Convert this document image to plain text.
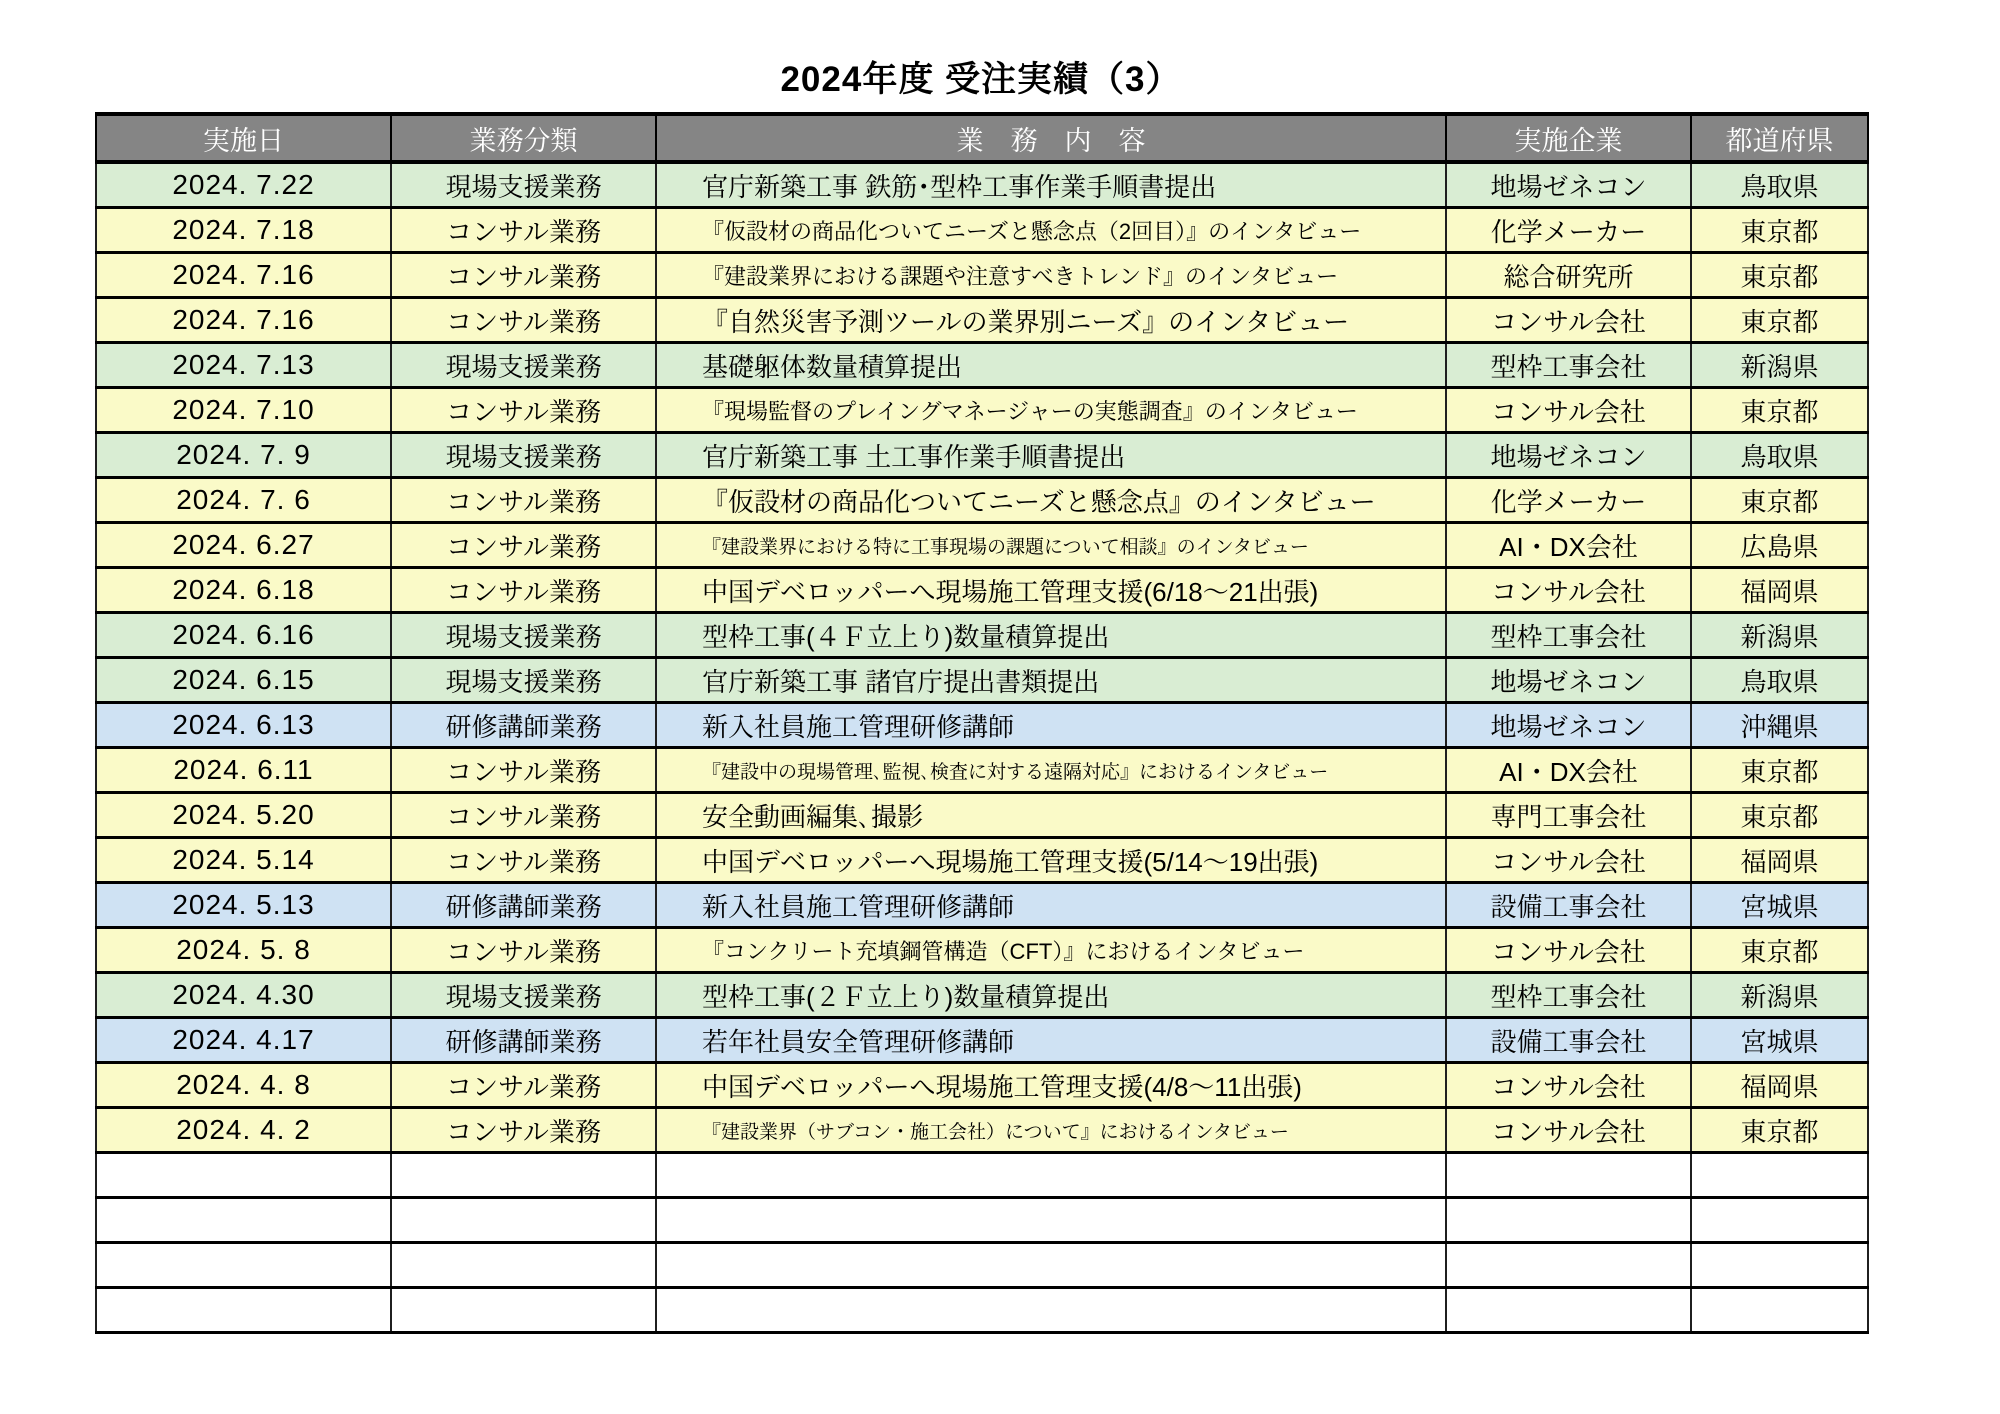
2024年度 受注実績（3）
実施日	業務分類	業　務　内　容	実施企業	都道府県
2024. 7.22	現場支援業務	官庁新築工事 鉄筋･型枠工事作業手順書提出	地場ゼネコン	鳥取県
2024. 7.18	コンサル業務	『仮設材の商品化ついてニーズと懸念点（2回目）』のインタビュー	化学メーカー	東京都
2024. 7.16	コンサル業務	『建設業界における課題や注意すべきトレンド』のインタビュー	総合研究所	東京都
2024. 7.16	コンサル業務	『自然災害予測ツールの業界別ニーズ』のインタビュー	コンサル会社	東京都
2024. 7.13	現場支援業務	基礎躯体数量積算提出	型枠工事会社	新潟県
2024. 7.10	コンサル業務	『現場監督のプレイングマネージャーの実態調査』のインタビュー	コンサル会社	東京都
2024. 7. 9	現場支援業務	官庁新築工事 土工事作業手順書提出	地場ゼネコン	鳥取県
2024. 7. 6	コンサル業務	『仮設材の商品化ついてニーズと懸念点』のインタビュー	化学メーカー	東京都
2024. 6.27	コンサル業務	『建設業界における特に工事現場の課題について相談』のインタビュー	AI・DX会社	広島県
2024. 6.18	コンサル業務	中国デベロッパーへ現場施工管理支援(6/18～21出張)	コンサル会社	福岡県
2024. 6.16	現場支援業務	型枠工事(４Ｆ立上り)数量積算提出	型枠工事会社	新潟県
2024. 6.15	現場支援業務	官庁新築工事 諸官庁提出書類提出	地場ゼネコン	鳥取県
2024. 6.13	研修講師業務	新入社員施工管理研修講師	地場ゼネコン	沖縄県
2024. 6.11	コンサル業務	『建設中の現場管理､監視､検査に対する遠隔対応』におけるインタビュー	AI・DX会社	東京都
2024. 5.20	コンサル業務	安全動画編集､撮影	専門工事会社	東京都
2024. 5.14	コンサル業務	中国デベロッパーへ現場施工管理支援(5/14～19出張)	コンサル会社	福岡県
2024. 5.13	研修講師業務	新入社員施工管理研修講師	設備工事会社	宮城県
2024. 5. 8	コンサル業務	『コンクリート充填鋼管構造（CFT）』におけるインタビュー	コンサル会社	東京都
2024. 4.30	現場支援業務	型枠工事(２Ｆ立上り)数量積算提出	型枠工事会社	新潟県
2024. 4.17	研修講師業務	若年社員安全管理研修講師	設備工事会社	宮城県
2024. 4. 8	コンサル業務	中国デベロッパーへ現場施工管理支援(4/8～11出張)	コンサル会社	福岡県
2024. 4. 2	コンサル業務	『建設業界（サブコン・施工会社）について』におけるインタビュー	コンサル会社	東京都
